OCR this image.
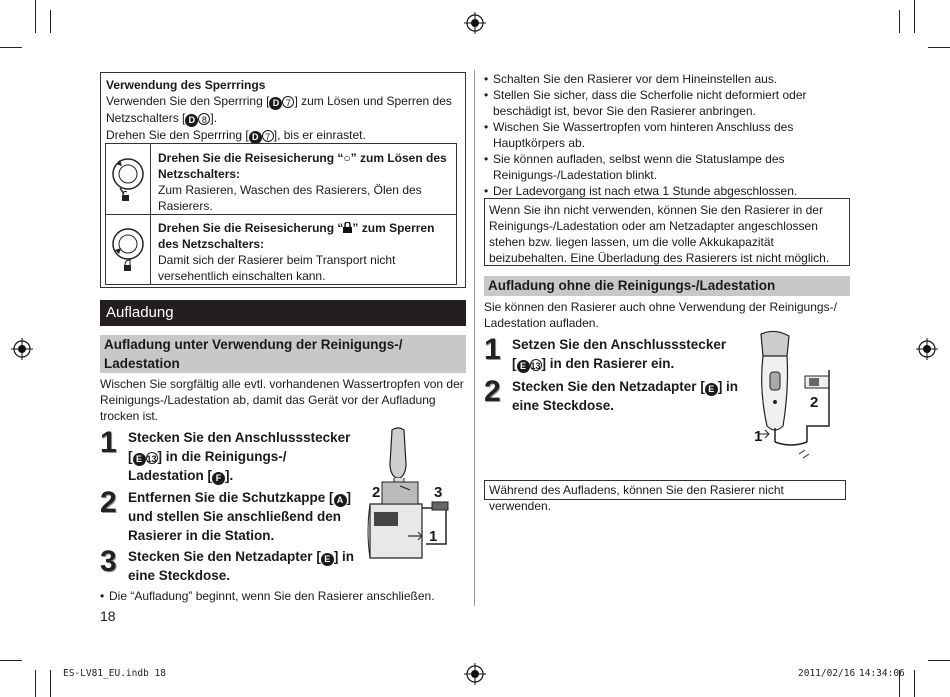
Verwendung des Sperrrings
Verwenden Sie den Sperrring [ D 7 ] zum Lösen und Sperren des
Netzschalters [ D 8 ].
Drehen Sie den Sperrring [ D 7 ], bis er einrastet.
Drehen Sie die Reisesicherung “○” zum Lösen des
Netzschalters:
Zum Rasieren, Waschen des Rasierers, Ölen des Rasierers.
Drehen Sie die Reisesicherung “ ” zum Sperren
des Netzschalters:
Damit sich der Rasierer beim Transport nicht versehentlich einschalten kann.
Aufladung
Aufladung unter Verwendung der Reinigungs-/ Ladestation
Wischen Sie sorgfältig alle evtl. vorhandenen Wassertropfen von der Reinigungs-/Ladestation ab, damit das Gerät vor der Aufladung trocken ist.
1 Stecken Sie den Anschlussstecker
[ E 13] in die Reinigungs-/
Ladestation [ F ].
2 Entfernen Sie die Schutzkappe [ A ]
und stellen Sie anschließend den
Rasierer in die Station.
3 Stecken Sie den Netzadapter [ E ] in
eine Steckdose.
2	3
1
• Die “Aufladung” beginnt, wenn Sie den Rasierer anschließen.
18
• Schalten Sie den Rasierer vor dem Hineinstellen aus.
• Stellen Sie sicher, dass die Scherfolie nicht deformiert oder beschädigt ist, bevor Sie den Rasierer anbringen.
• Wischen Sie Wassertropfen vom hinteren Anschluss des Hauptkörpers ab.
• Sie können aufladen, selbst wenn die Statuslampe des Reinigungs-/Ladestation blinkt.
• Der Ladevorgang ist nach etwa 1 Stunde abgeschlossen.
Wenn Sie ihn nicht verwenden, können Sie den Rasierer in der Reinigungs-/Ladestation oder am Netzadapter angeschlossen stehen bzw. liegen lassen, um die volle Akkukapazität beizubehalten. Eine Überladung des Rasierers ist nicht möglich.
Aufladung ohne die Reinigungs-/Ladestation
Sie können den Rasierer auch ohne Verwendung der Reinigungs-/ Ladestation aufladen.
1 Setzen Sie den Anschlussstecker
[ E 13] in den Rasierer ein.
2 Stecken Sie den Netzadapter [ E ] in
eine Steckdose.	2
1
Während des Aufladens, können Sie den Rasierer nicht verwenden.
ES-LV81_EU.indb 18	2011/02/16 14:34:06
